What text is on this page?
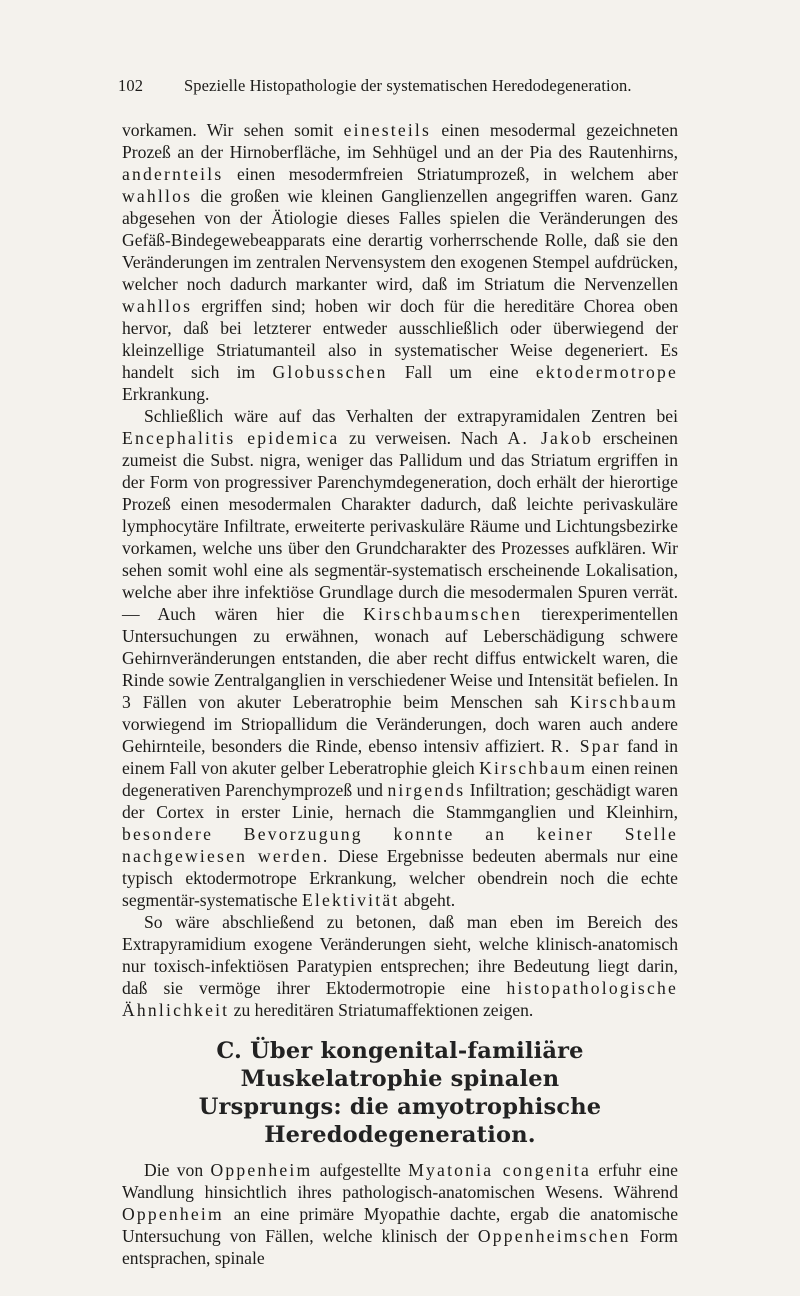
102 Spezielle Histopathologie der systematischen Heredodegeneration.

vorkamen. Wir sehen somit einesteils einen mesodermal gezeichneten Prozeß an der Hirnoberfläche, im Sehhügel und an der Pia des Rautenhirns, andernteils einen mesodermfreien Striatumprozeß, in welchem aber wahllos die großen wie kleinen Ganglienzellen angegriffen waren. Ganz abgesehen von der Ätiologie dieses Falles spielen die Veränderungen des Gefäß-Bindegewebeapparats eine derartig vorherrschende Rolle, daß sie den Veränderungen im zentralen Nervensystem den exogenen Stempel aufdrücken, welcher noch dadurch markanter wird, daß im Striatum die Nervenzellen wahllos ergriffen sind; hoben wir doch für die hereditäre Chorea oben hervor, daß bei letzterer entweder ausschließlich oder überwiegend der kleinzellige Striatumanteil also in systematischer Weise degeneriert. Es handelt sich im Globusschen Fall um eine ektodermotrope Erkrankung.

Schließlich wäre auf das Verhalten der extrapyramidalen Zentren bei Encephalitis epidemica zu verweisen. Nach A. Jakob erscheinen zumeist die Subst. nigra, weniger das Pallidum und das Striatum ergriffen in der Form von progressiver Parenchymdegeneration, doch erhält der hierortige Prozeß einen mesodermalen Charakter dadurch, daß leichte perivaskuläre lymphocytäre Infiltrate, erweiterte perivaskuläre Räume und Lichtungsbezirke vorkamen, welche uns über den Grundcharakter des Prozesses aufklären. Wir sehen somit wohl eine als segmentär-systematisch erscheinende Lokalisation, welche aber ihre infektiöse Grundlage durch die mesodermalen Spuren verrät. — Auch wären hier die Kirschbaumschen tierexperimentellen Untersuchungen zu erwähnen, wonach auf Leberschädigung schwere Gehirnveränderungen entstanden, die aber recht diffus entwickelt waren, die Rinde sowie Zentralganglien in verschiedener Weise und Intensität befielen. In 3 Fällen von akuter Leberatrophie beim Menschen sah Kirschbaum vorwiegend im Striopallidum die Veränderungen, doch waren auch andere Gehirnteile, besonders die Rinde, ebenso intensiv affiziert. R. Spar fand in einem Fall von akuter gelber Leberatrophie gleich Kirschbaum einen reinen degenerativen Parenchymprozeß und nirgends Infiltration; geschädigt waren der Cortex in erster Linie, hernach die Stammganglien und Kleinhirn, besondere Bevorzugung konnte an keiner Stelle nachgewiesen werden. Diese Ergebnisse bedeuten abermals nur eine typisch ektodermotrope Erkrankung, welcher obendrein noch die echte segmentär-systematische Elektivität abgeht.

So wäre abschließend zu betonen, daß man eben im Bereich des Extrapyramidium exogene Veränderungen sieht, welche klinisch-anatomisch nur toxisch-infektiösen Paratypien entsprechen; ihre Bedeutung liegt darin, daß sie vermöge ihrer Ektodermotropie eine histopathologische Ähnlichkeit zu hereditären Striatumaffektionen zeigen.

C. Über kongenital-familiäre Muskelatrophie spinalen
Ursprungs: die amyotrophische Heredodegeneration.

Die von Oppenheim aufgestellte Myatonia congenita erfuhr eine Wandlung hinsichtlich ihres pathologisch-anatomischen Wesens. Während Oppenheim an eine primäre Myopathie dachte, ergab die anatomische Untersuchung von Fällen, welche klinisch der Oppenheimschen Form entsprachen, spinale
